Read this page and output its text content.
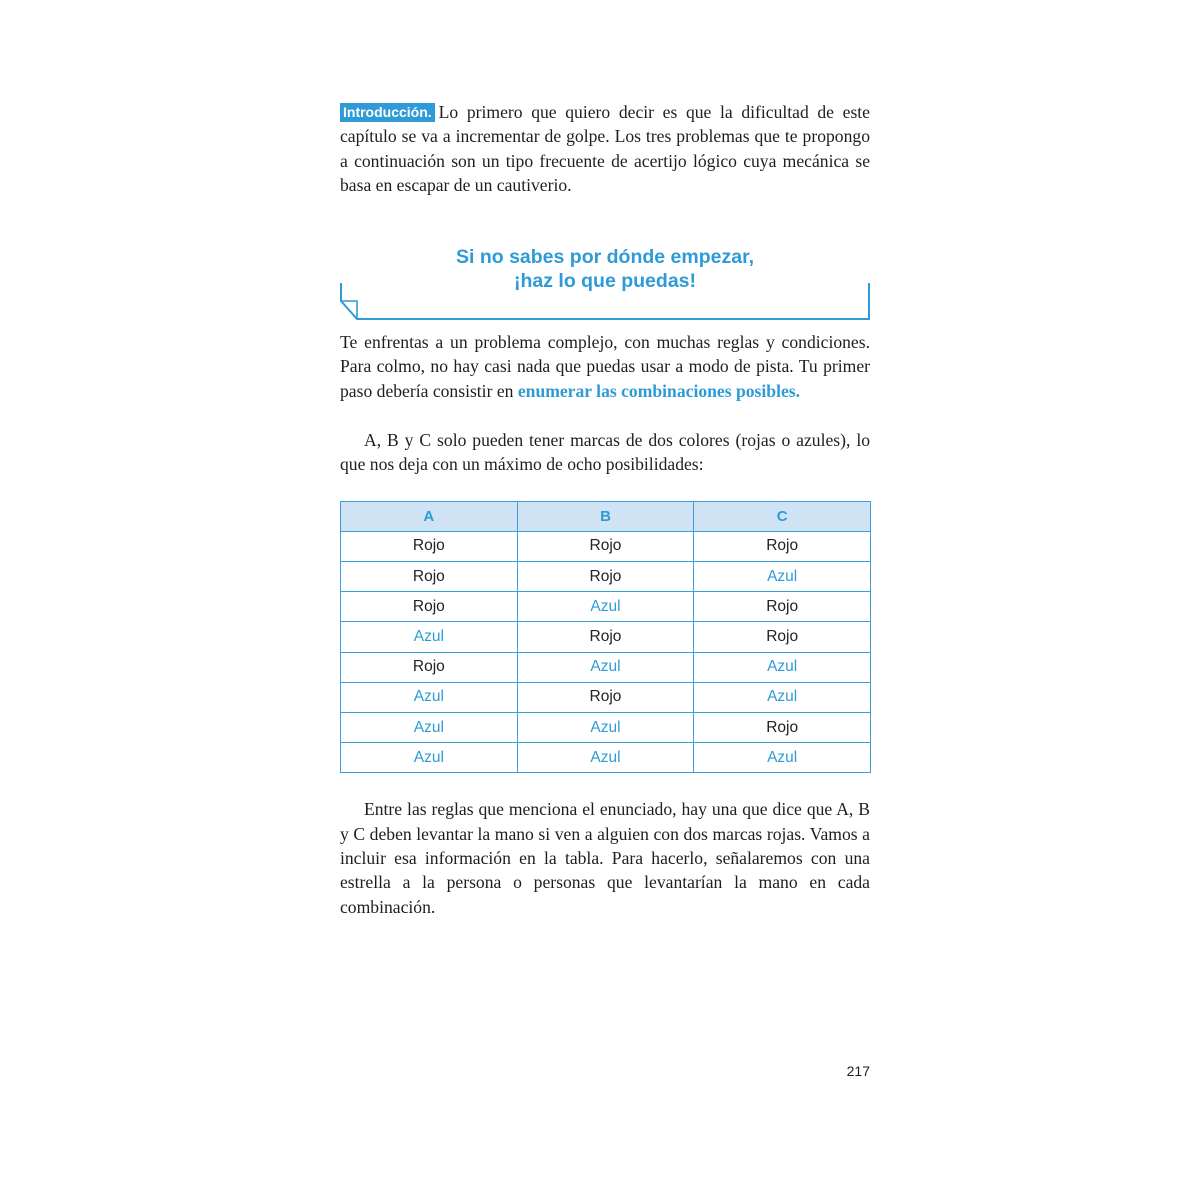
Introducción. Lo primero que quiero decir es que la dificultad de este capítulo se va a incrementar de golpe. Los tres problemas que te propongo a continuación son un tipo frecuente de acertijo lógico cuya mecánica se basa en escapar de un cautiverio.

Si no sabes por dónde empezar,
¡haz lo que puedas!

Te enfrentas a un problema complejo, con muchas reglas y condiciones. Para colmo, no hay casi nada que puedas usar a modo de pista. Tu primer paso debería consistir en enumerar las combinaciones posibles.

A, B y C solo pueden tener marcas de dos colores (rojas o azules), lo que nos deja con un máximo de ocho posibilidades:

A	B	C
Rojo	Rojo	Rojo
Rojo	Rojo	Azul
Rojo	Azul	Rojo
Azul	Rojo	Rojo
Rojo	Azul	Azul
Azul	Rojo	Azul
Azul	Azul	Rojo
Azul	Azul	Azul

Entre las reglas que menciona el enunciado, hay una que dice que A, B y C deben levantar la mano si ven a alguien con dos marcas rojas. Vamos a incluir esa información en la tabla. Para hacerlo, señalaremos con una estrella a la persona o personas que levantarían la mano en cada combinación.

217
